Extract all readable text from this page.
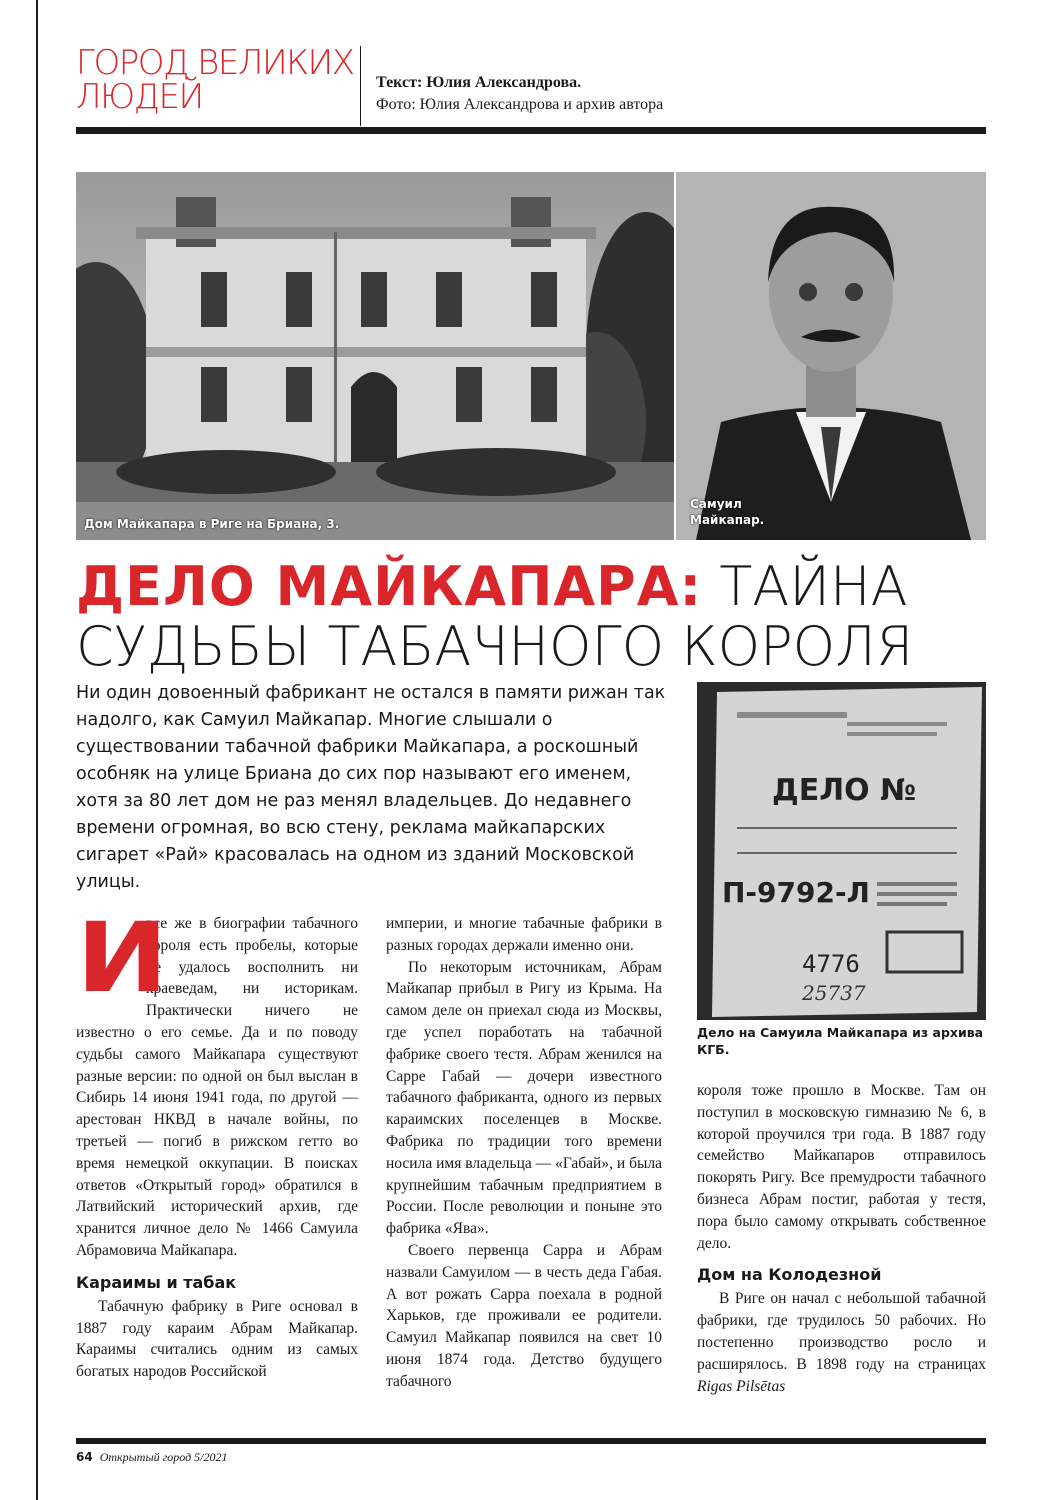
ГОРОД ВЕЛИКИХ
ЛЮДЕЙ	Текст: Юлия Александрова.
Фото: Юлия Александрова и архив автора
Дом Майкапара в Риге на Бриана, 3.
Самуил Майкапар.
ДЕЛО МАЙКАПАРА: ТАЙНА
СУДЬБЫ ТАБАЧНОГО КОРОЛЯ
Ни один довоенный фабрикант не остался в памяти рижан так надолго, как Самуил Майкапар. Многие слышали о существовании табачной фабрики Майкапара, а роскошный особняк на улице Бриана до сих пор называют его именем, хотя за 80 лет дом не раз менял владельцев. До недавнего времени огромная, во всю стену, реклама майкапарских сигарет «Рай» красовалась на одном из зданий Московской улицы.
ДЕЛО №
П-9792-Л
4776
25737
Дело на Самуила Майкапара из архива КГБ.

И
все же в биографии табачного короля есть пробелы, которые не удалось восполнить ни краеведам, ни историкам. Практически ничего не известно о его семье. Да и по поводу судьбы самого Майкапара существуют разные версии: по одной он был выслан в Сибирь 14 июня 1941 года, по другой — арестован НКВД в начале войны, по третьей — погиб в рижском гетто во время немецкой оккупации. В поисках ответов «Открытый город» обратился в Латвийский исторический архив, где хранится личное дело № 1466 Самуила Абрамовича Майкапара.

Караимы и табак

Табачную фабрику в Риге основал в 1887 году караим Абрам Майкапар. Караимы считались одним из самых богатых народов Российской

империи, и многие табачные фабрики в разных городах держали именно они.

По некоторым источникам, Абрам Майкапар прибыл в Ригу из Крыма. На самом деле он приехал сюда из Москвы, где успел поработать на табачной фабрике своего тестя. Абрам женился на Сарре Габай — дочери известного табачного фабриканта, одного из первых караимских поселенцев в Москве. Фабрика по традиции того времени носила имя владельца — «Габай», и была крупнейшим табачным предприятием в России. После революции и поныне это фабрика «Ява».

Своего первенца Сарра и Абрам назвали Самуилом — в честь деда Габая. А вот рожать Сарра поехала в родной Харьков, где проживали ее родители. Самуил Майкапар появился на свет 10 июня 1874 года. Детство будущего табачного

короля тоже прошло в Москве. Там он поступил в московскую гимназию № 6, в которой проучился три года. В 1887 году семейство Майкапаров отправилось покорять Ригу. Все премудрости табачного бизнеса Абрам постиг, работая у тестя, пора было самому открывать собственное дело.

Дом на Колодезной

В Риге он начал с небольшой табачной фабрики, где трудилось 50 рабочих. Но постепенно производство росло и расширялось. В 1898 году на страницах Rigas Pilsētas

64 Открытый город 5/2021
